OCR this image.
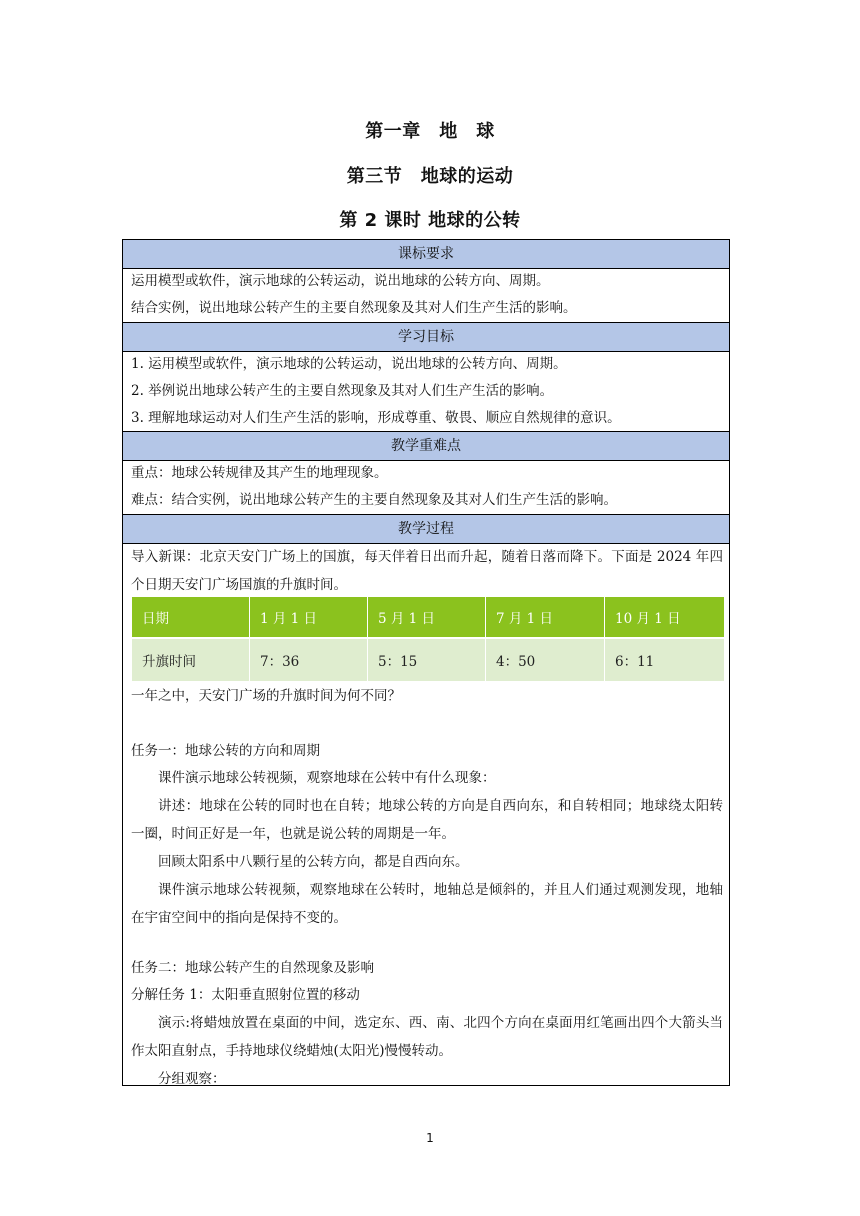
第一章　地　球
第三节　地球的运动
第 2 课时 地球的公转
课标要求
运用模型或软件，演示地球的公转运动，说出地球的公转方向、周期。
结合实例，说出地球公转产生的主要自然现象及其对人们生产生活的影响。
学习目标
1. 运用模型或软件，演示地球的公转运动，说出地球的公转方向、周期。
2. 举例说出地球公转产生的主要自然现象及其对人们生产生活的影响。
3. 理解地球运动对人们生产生活的影响，形成尊重、敬畏、顺应自然规律的意识。
教学重难点
重点：地球公转规律及其产生的地理现象。
难点：结合实例，说出地球公转产生的主要自然现象及其对人们生产生活的影响。
教学过程
导入新课：北京天安门广场上的国旗，每天伴着日出而升起，随着日落而降下。下面是 2024 年四个日期天安门广场国旗的升旗时间。
日期	1 月 1 日	5 月 1 日	7 月 1 日	10 月 1 日
升旗时间	7：36	5：15	4：50	6：11
一年之中，天安门广场的升旗时间为何不同？
任务一：地球公转的方向和周期
课件演示地球公转视频，观察地球在公转中有什么现象：
讲述：地球在公转的同时也在自转；地球公转的方向是自西向东，和自转相同；地球绕太阳转一圈，时间正好是一年，也就是说公转的周期是一年。
回顾太阳系中八颗行星的公转方向，都是自西向东。
课件演示地球公转视频，观察地球在公转时，地轴总是倾斜的，并且人们通过观测发现，地轴在宇宙空间中的指向是保持不变的。
任务二：地球公转产生的自然现象及影响
分解任务 1：太阳垂直照射位置的移动
演示:将蜡烛放置在桌面的中间，选定东、西、南、北四个方向在桌面用红笔画出四个大箭头当作太阳直射点，手持地球仪绕蜡烛(太阳光)慢慢转动。
分组观察：
1
